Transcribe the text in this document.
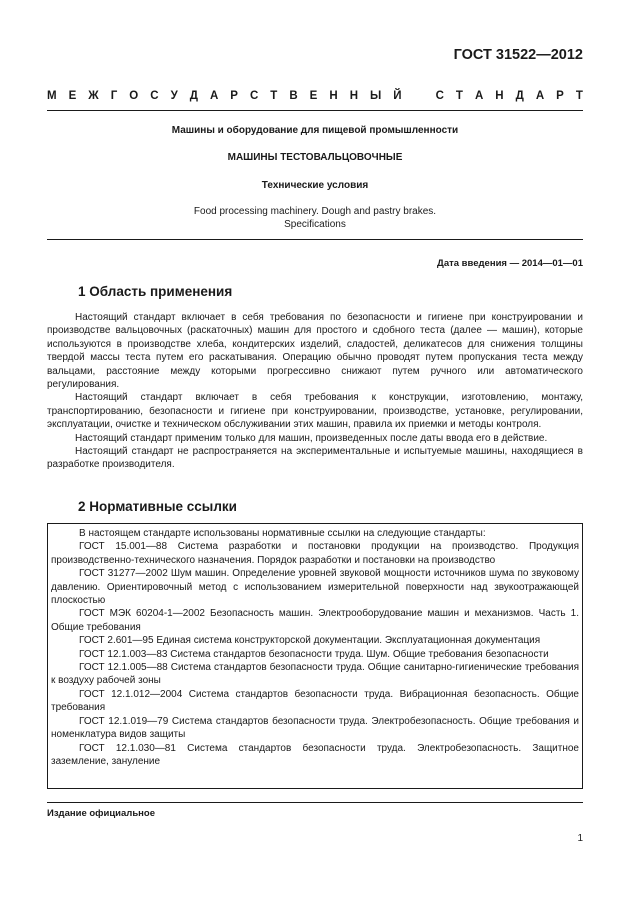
ГОСТ 31522—2012
М Е Ж Г О С У Д А Р С Т В Е Н Н Ы Й	С Т А Н Д А Р Т
Машины и оборудование для пищевой промышленности
МАШИНЫ ТЕСТОВАЛЬЦОВОЧНЫЕ
Технические условия
Food processing machinery. Dough and pastry brakes.
Specifications
Дата введения — 2014—01—01
1 Область применения

Настоящий стандарт включает в себя требования по безопасности и гигиене при конструировании и производстве вальцовочных (раскаточных) машин для простого и сдобного теста (далее — машин), которые используются в производстве хлеба, кондитерских изделий, сладостей, деликатесов для снижения толщины твердой массы теста путем его раскатывания. Операцию обычно проводят путем пропускания теста между вальцами, расстояние между которыми прогрессивно снижают путем ручного или автоматического регулирования.

Настоящий стандарт включает в себя требования к конструкции, изготовлению, монтажу, транспортированию, безопасности и гигиене при конструировании, производстве, установке, регулировании, эксплуатации, очистке и техническом обслуживании этих машин, правила их приемки и методы контроля.

Настоящий стандарт применим только для машин, произведенных после даты ввода его в действие.

Настоящий стандарт не распространяется на экспериментальные и испытуемые машины, находящиеся в разработке производителя.

2 Нормативные ссылки

В настоящем стандарте использованы нормативные ссылки на следующие стандарты:

ГОСТ 15.001—88 Система разработки и постановки продукции на производство. Продукция производственно-технического назначения. Порядок разработки и постановки на производство

ГОСТ 31277—2002 Шум машин. Определение уровней звуковой мощности источников шума по звуковому давлению. Ориентировочный метод с использованием измерительной поверхности над звукоотражающей плоскостью

ГОСТ МЭК 60204-1—2002 Безопасность машин. Электрооборудование машин и механизмов. Часть 1. Общие требования

ГОСТ 2.601—95 Единая система конструкторской документации. Эксплуатационная документация

ГОСТ 12.1.003—83 Система стандартов безопасности труда. Шум. Общие требования безопасности

ГОСТ 12.1.005—88 Система стандартов безопасности труда. Общие санитарно-гигиенические требования к воздуху рабочей зоны

ГОСТ 12.1.012—2004 Система стандартов безопасности труда. Вибрационная безопасность. Общие требования

ГОСТ 12.1.019—79 Система стандартов безопасности труда. Электробезопасность. Общие требования и номенклатура видов защиты

ГОСТ 12.1.030—81 Система стандартов безопасности труда. Электробезопасность. Защитное заземление, зануление

Издание официальное
1
